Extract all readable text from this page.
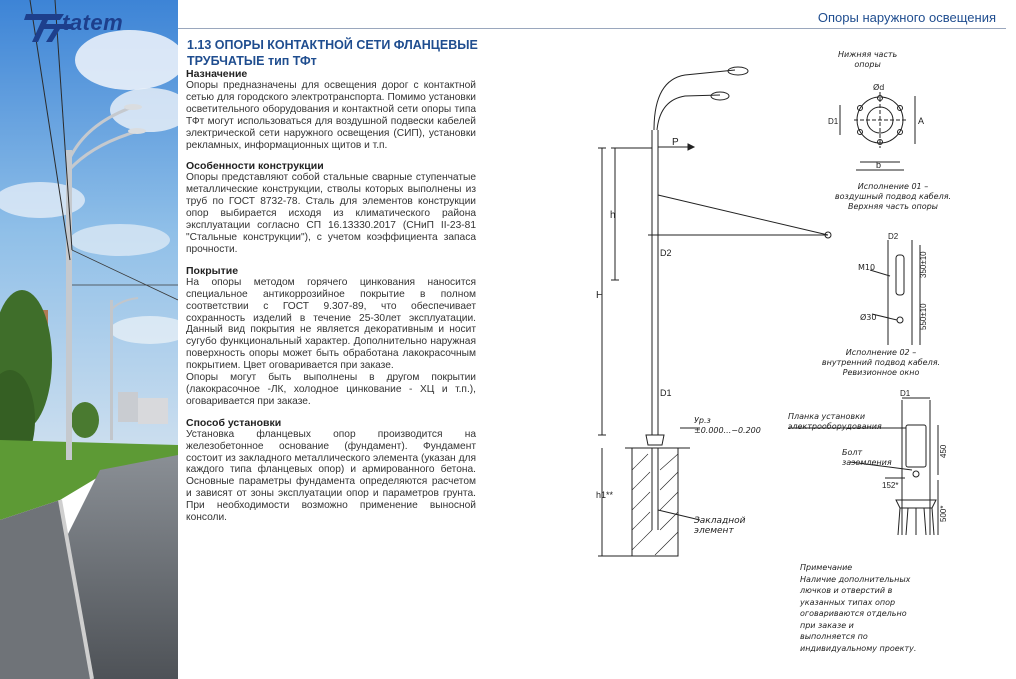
tatem	Опоры наружного освещения
1.13 ОПОРЫ КОНТАКТНОЙ СЕТИ ФЛАНЦЕВЫЕ ТРУБЧАТЫЕ тип ТФт
Назначение

Опоры предназначены для освещения дорог с контактной сетью для городского электротранспорта. Помимо установки осветительного оборудования и контактной сети опоры типа ТФт могут использоваться для воздушной подвески кабелей электрической сети наружного освещения (СИП), установки рекламных, информационных щитов и т.п.

Особенности конструкции

Опоры представляют собой стальные сварные ступенчатые металлические конструкции, стволы которых выполнены из труб по ГОСТ 8732-78. Сталь для элементов конструкции опор выбирается исходя из климатического района эксплуатации согласно СП 16.13330.2017 (СНиП II-23-81 "Стальные конструкции"), с учетом коэффициента запаса прочности.

Покрытие

На опоры методом горячего цинкования наносится специальное антикоррозийное покрытие в полном соответствии с ГОСТ 9.307-89, что обеспечивает сохранность изделий в течение 25-30лет эксплуатации. Данный вид покрытия не является декоративным и носит сугубо функциональный характер. Дополнительно наружная поверхность опоры может быть обработана лакокрасочным покрытием. Цвет оговаривается при заказе.

Опоры могут быть выполнены в другом покрытии (лакокрасочное -ЛК, холодное цинкование - ХЦ и т.п.), оговаривается при заказе.

Способ установки

Установка фланцевых опор производится на железобетонное основание (фундамент). Фундамент состоит из закладного металлического элемента (указан для каждого типа фланцевых опор) и армированного бетона. Основные параметры фундамента определяются расчетом и зависят от зоны эксплуатации опор и параметров грунта. При необходимости возможно применение выносной консоли.

P
h
H
D2
D1
h1**
Ød
A
b
D1
D2
M10
Ø30
D1
350±10
550±10
450
500*
152*
Ур.з
±0.000...−0.200
Закладной
элемент
Нижняя часть
опоры
Исполнение 01 –
воздушный подвод кабеля.
Верхняя часть опоры
Исполнение 02 –
внутренний подвод кабеля.
Ревизионное окно
Планка установки
электрооборудования
Болт
заземления
Примечание
Наличие дополнительных
лючков и отверстий в
указанных типах опор
оговариваются отдельно
при заказе и
выполняется по
индивидуальному проекту.
